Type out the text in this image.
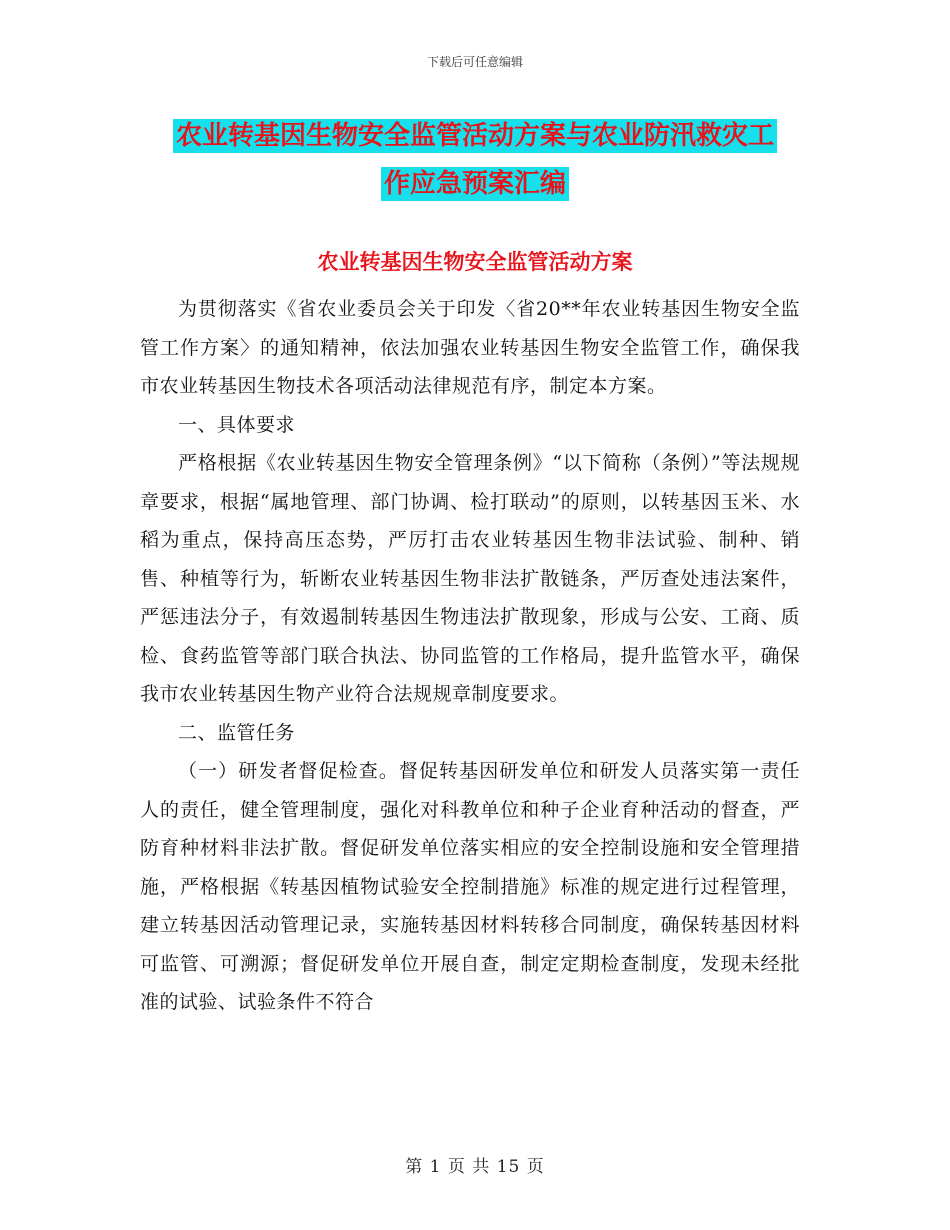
下载后可任意编辑
农业转基因生物安全监管活动方案与农业防汛救灾工
作应急预案汇编
农业转基因生物安全监管活动方案

为贯彻落实《省农业委员会关于印发〈省20**年农业转基因生物安全监管工作方案〉的通知精神，依法加强农业转基因生物安全监管工作，确保我市农业转基因生物技术各项活动法律规范有序，制定本方案。

一、具体要求

严格根据《农业转基因生物安全管理条例》“以下简称（条例）”等法规规章要求，根据“属地管理、部门协调、检打联动”的原则，以转基因玉米、水稻为重点，保持高压态势，严厉打击农业转基因生物非法试验、制种、销售、种植等行为，斩断农业转基因生物非法扩散链条，严厉查处违法案件，严惩违法分子，有效遏制转基因生物违法扩散现象，形成与公安、工商、质检、食药监管等部门联合执法、协同监管的工作格局，提升监管水平，确保我市农业转基因生物产业符合法规规章制度要求。

二、监管任务

（一）研发者督促检查。督促转基因研发单位和研发人员落实第一责任人的责任，健全管理制度，强化对科教单位和种子企业育种活动的督查，严防育种材料非法扩散。督促研发单位落实相应的安全控制设施和安全管理措施，严格根据《转基因植物试验安全控制措施》标准的规定进行过程管理，建立转基因活动管理记录，实施转基因材料转移合同制度，确保转基因材料可监管、可溯源；督促研发单位开展自查，制定定期检查制度，发现未经批准的试验、试验条件不符合

第 1 页 共 15 页
